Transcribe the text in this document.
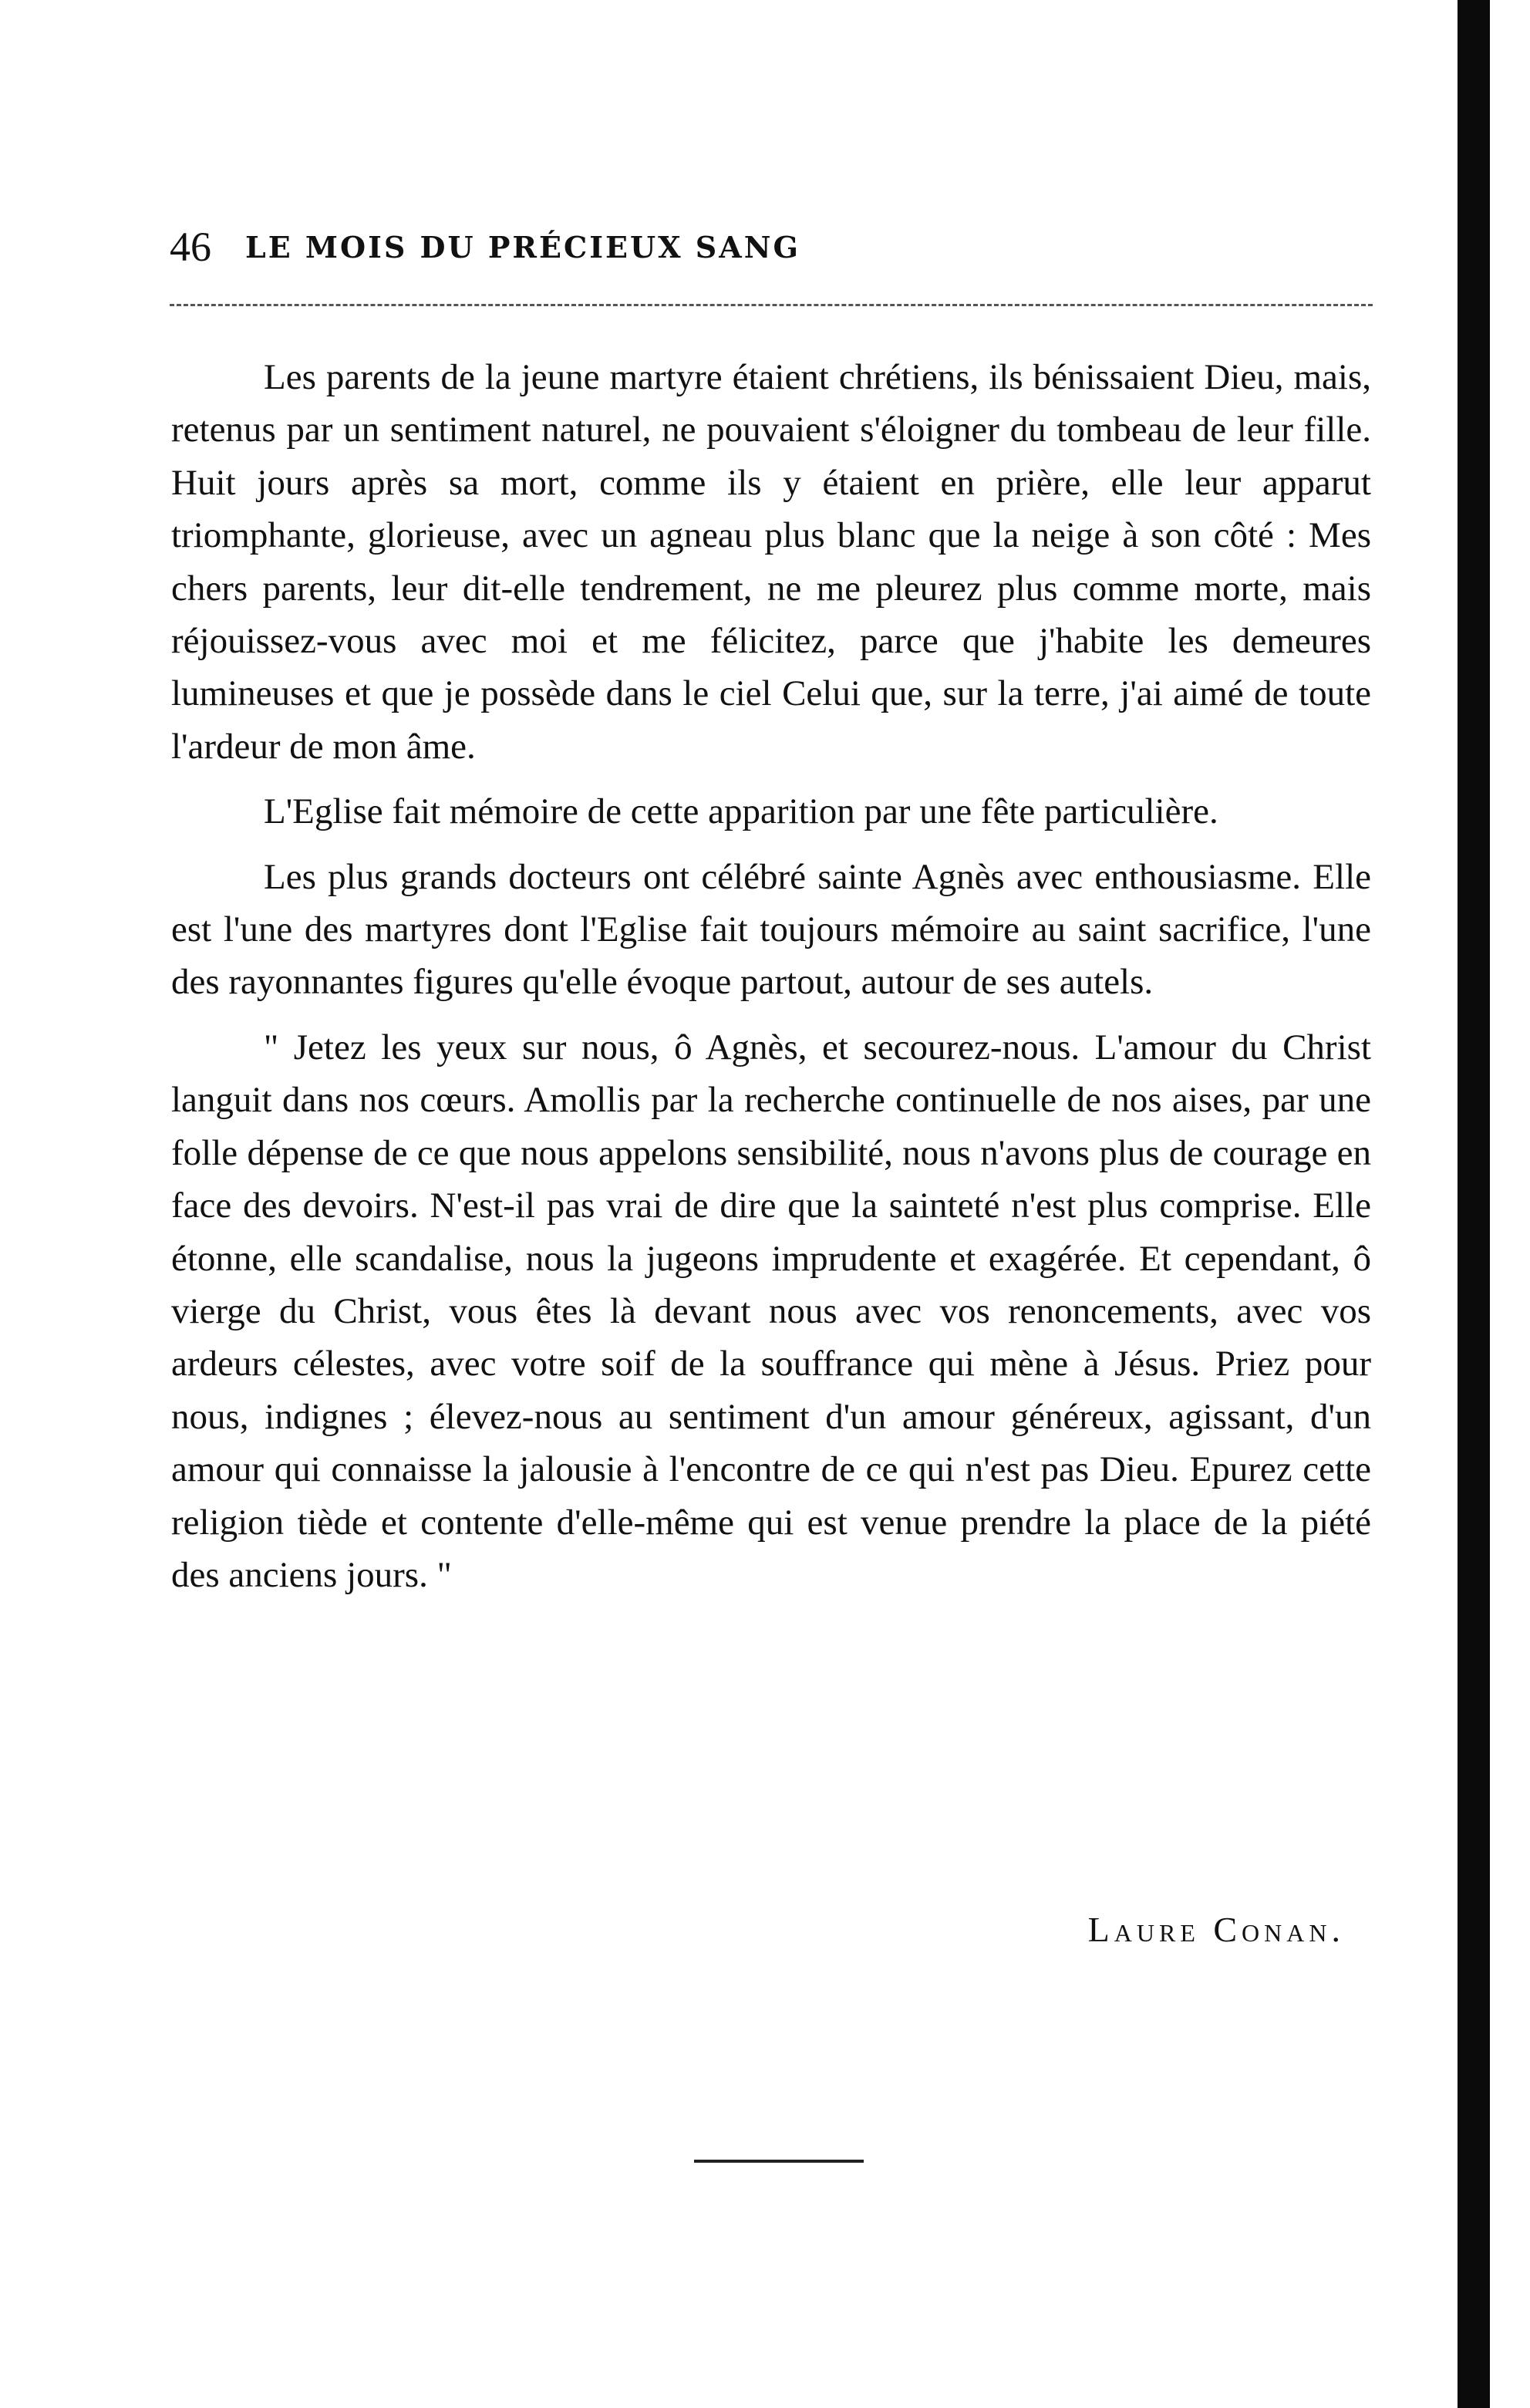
46 LE MOIS DU PRÉCIEUX SANG

Les parents de la jeune martyre étaient chrétiens, ils bénissaient Dieu, mais, retenus par un sentiment naturel, ne pouvaient s'éloigner du tombeau de leur fille. Huit jours après sa mort, comme ils y étaient en prière, elle leur apparut triomphante, glorieuse, avec un agneau plus blanc que la neige à son côté : Mes chers parents, leur dit-elle tendrement, ne me pleurez plus comme morte, mais réjouissez-vous avec moi et me félicitez, parce que j'habite les demeures lumineuses et que je possède dans le ciel Celui que, sur la terre, j'ai aimé de toute l'ardeur de mon âme.

L'Eglise fait mémoire de cette apparition par une fête particulière.

Les plus grands docteurs ont célébré sainte Agnès avec enthousiasme. Elle est l'une des martyres dont l'Eglise fait toujours mémoire au saint sacrifice, l'une des rayonnantes figures qu'elle évoque partout, autour de ses autels.

" Jetez les yeux sur nous, ô Agnès, et secourez-nous. L'amour du Christ languit dans nos cœurs. Amollis par la recherche continuelle de nos aises, par une folle dépense de ce que nous appelons sensibilité, nous n'avons plus de courage en face des devoirs. N'est-il pas vrai de dire que la sainteté n'est plus comprise. Elle étonne, elle scandalise, nous la jugeons imprudente et exagérée. Et cependant, ô vierge du Christ, vous êtes là devant nous avec vos renoncements, avec vos ardeurs célestes, avec votre soif de la souffrance qui mène à Jésus. Priez pour nous, indignes ; élevez-nous au sentiment d'un amour généreux, agissant, d'un amour qui connaisse la jalousie à l'encontre de ce qui n'est pas Dieu. Epurez cette religion tiède et contente d'elle-même qui est venue prendre la place de la piété des anciens jours. "

Laure Conan.
